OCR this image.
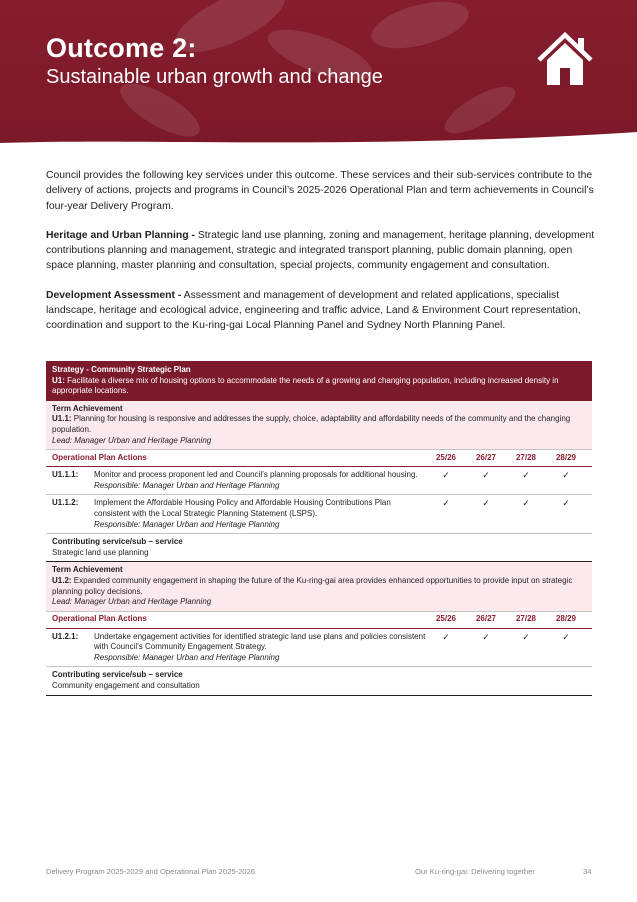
Outcome 2:
Sustainable urban growth and change

Council provides the following key services under this outcome. These services and their sub-services contribute to the delivery of actions, projects and programs in Council’s 2025-2026 Operational Plan and term achievements in Council’s four-year Delivery Program.

Heritage and Urban Planning - Strategic land use planning, zoning and management, heritage planning, development contributions planning and management, strategic and integrated transport planning, public domain planning, open space planning, master planning and consultation, special projects, community engagement and consultation.

Development Assessment - Assessment and management of development and related applications, specialist landscape, heritage and ecological advice, engineering and traffic advice, Land & Environment Court representation, coordination and support to the Ku-ring-gai Local Planning Panel and Sydney North Planning Panel.

Strategy - Community Strategic Plan
U1: Facilitate a diverse mix of housing options to accommodate the needs of a growing and changing population, including increased density in appropriate locations.
Term Achievement
U1.1: Planning for housing is responsive and addresses the supply, choice, adaptability and affordability needs of the community and the changing population.
Lead: Manager Urban and Heritage Planning
Operational Plan Actions	25/26	26/27	27/28	28/29
U1.1.1:	Monitor and process proponent led and Council’s planning proposals for additional housing.
Responsible: Manager Urban and Heritage Planning
✓	✓	✓	✓
U1.1.2:	Implement the Affordable Housing Policy and Affordable Housing Contributions Plan consistent with the Local Strategic Planning Statement (LSPS).
Responsible: Manager Urban and Heritage Planning
✓	✓	✓	✓
Contributing service/sub – service
Strategic land use planning
Term Achievement
U1.2: Expanded community engagement in shaping the future of the Ku-ring-gai area provides enhanced opportunities to provide input on strategic planning policy decisions.
Lead: Manager Urban and Heritage Planning
Operational Plan Actions	25/26	26/27	27/28	28/29
U1.2.1:	Undertake engagement activities for identified strategic land use plans and policies consistent with Council’s Community Engagement Strategy.
Responsible: Manager Urban and Heritage Planning
✓	✓	✓	✓
Contributing service/sub – service
Community engagement and consultation
Delivery Program 2025-2029 and Operational Plan 2025-2026	Our Ku-ring-gai: Delivering together	34
